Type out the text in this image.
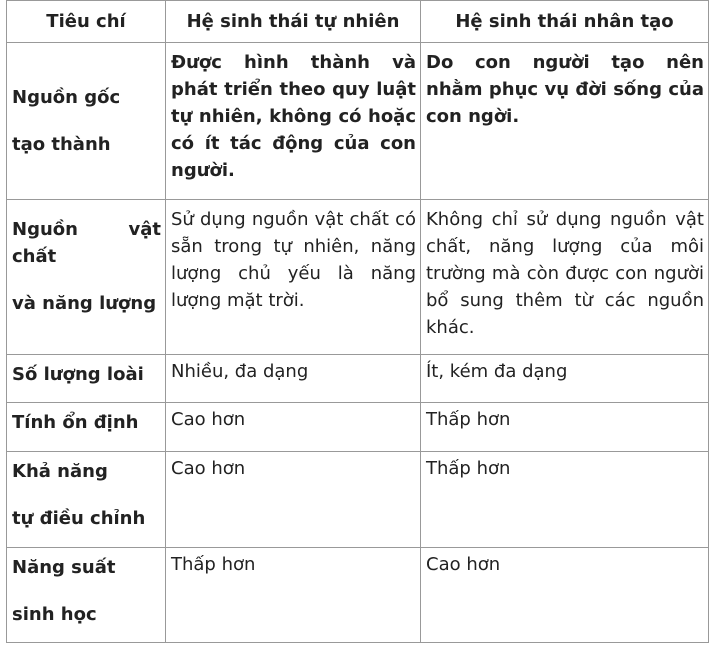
Tiêu chí	Hệ sinh thái tự nhiên	Hệ sinh thái nhân tạo

Nguồn gốc
tạo thành	Được hình thành và phát triển theo quy luật tự nhiên, không có hoặc có ít tác động của con người.	Do con người tạo nên nhằm phục vụ đời sống của con ngời.

Nguồn vật chất
và năng lượng	Sử dụng nguồn vật chất có sẵn trong tự nhiên, năng lượng chủ yếu là năng lượng mặt trời.	Không chỉ sử dụng nguồn vật chất, năng lượng của môi trường mà còn được con người bổ sung thêm từ các nguồn khác.

Số lượng loài	Nhiều, đa dạng	Ít, kém đa dạng

Tính ổn định	Cao hơn	Thấp hơn

Khả năng
tự điều chỉnh	Cao hơn	Thấp hơn

Năng suất
sinh học	Thấp hơn	Cao hơn
